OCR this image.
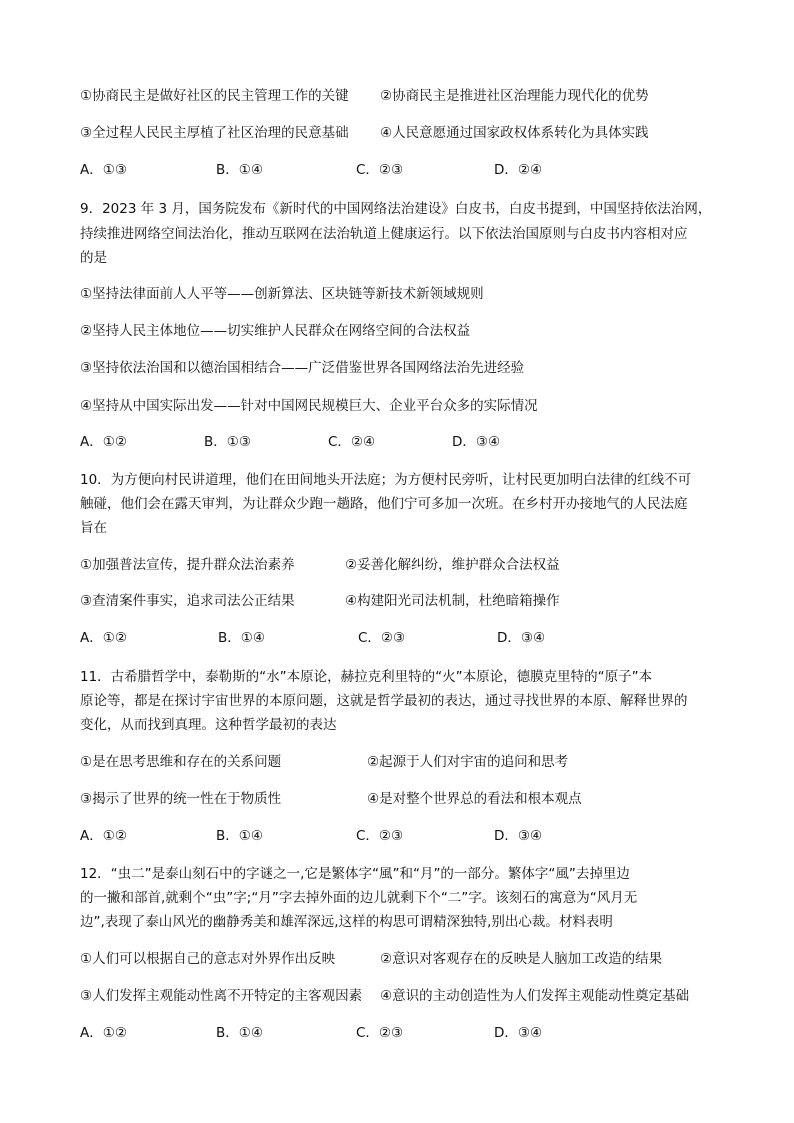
①协商民主是做好社区的民主管理工作的关键 ②协商民主是推进社区治理能力现代化的优势
③全过程人民民主厚植了社区治理的民意基础 ④人民意愿通过国家政权体系转化为具体实践
A．①③	B．①④	C．②③	D．②④
9．2023 年 3 月，国务院发布《新时代的中国网络法治建设》白皮书，白皮书提到，中国坚持依法治网，
持续推进网络空间法治化，推动互联网在法治轨道上健康运行。以下依法治国原则与白皮书内容相对应
的是
①坚持法律面前人人平等——创新算法、区块链等新技术新领域规则
②坚持人民主体地位——切实维护人民群众在网络空间的合法权益
③坚持依法治国和以德治国相结合——广泛借鉴世界各国网络法治先进经验
④坚持从中国实际出发——针对中国网民规模巨大、企业平台众多的实际情况
A．①②	B．①③	C．②④	D．③④
10．为方便向村民讲道理，他们在田间地头开法庭；为方便村民旁听，让村民更加明白法律的红线不可
触碰，他们会在露天审判，为让群众少跑一趟路，他们宁可多加一次班。在乡村开办接地气的人民法庭
旨在
①加强普法宣传，提升群众法治素养	②妥善化解纠纷，维护群众合法权益
③查清案件事实，追求司法公正结果	④构建阳光司法机制，杜绝暗箱操作
A．①②	B．①④	C．②③	D．③④
11．古希腊哲学中，泰勒斯的“水”本原论，赫拉克利里特的“火”本原论，德膜克里特的“原子”本
原论等，都是在探讨宇宙世界的本原问题，这就是哲学最初的表达，通过寻找世界的本原、解释世界的
变化，从而找到真理。这种哲学最初的表达
①是在思考思维和存在的关系问题	②起源于人们对宇宙的追问和思考
③揭示了世界的统一性在于物质性	④是对整个世界总的看法和根本观点
A．①②	B．①④	C．②③	D．③④
12．“虫二”是泰山刻石中的字谜之一,它是繁体字“風”和“月”的一部分。繁体字“風”去掉里边
的一撇和部首,就剩个“虫”字;“月”字去掉外面的边儿就剩下个“二”字。该刻石的寓意为“风月无
边”,表现了泰山风光的幽静秀美和雄浑深远,这样的构思可谓精深独特,别出心裁。材料表明
①人们可以根据自己的意志对外界作出反映	②意识对客观存在的反映是人脑加工改造的结果
③人们发挥主观能动性离不开特定的主客观因素 ④意识的主动创造性为人们发挥主观能动性奠定基础
A．①②	B．①④	C．②③	D．③④
